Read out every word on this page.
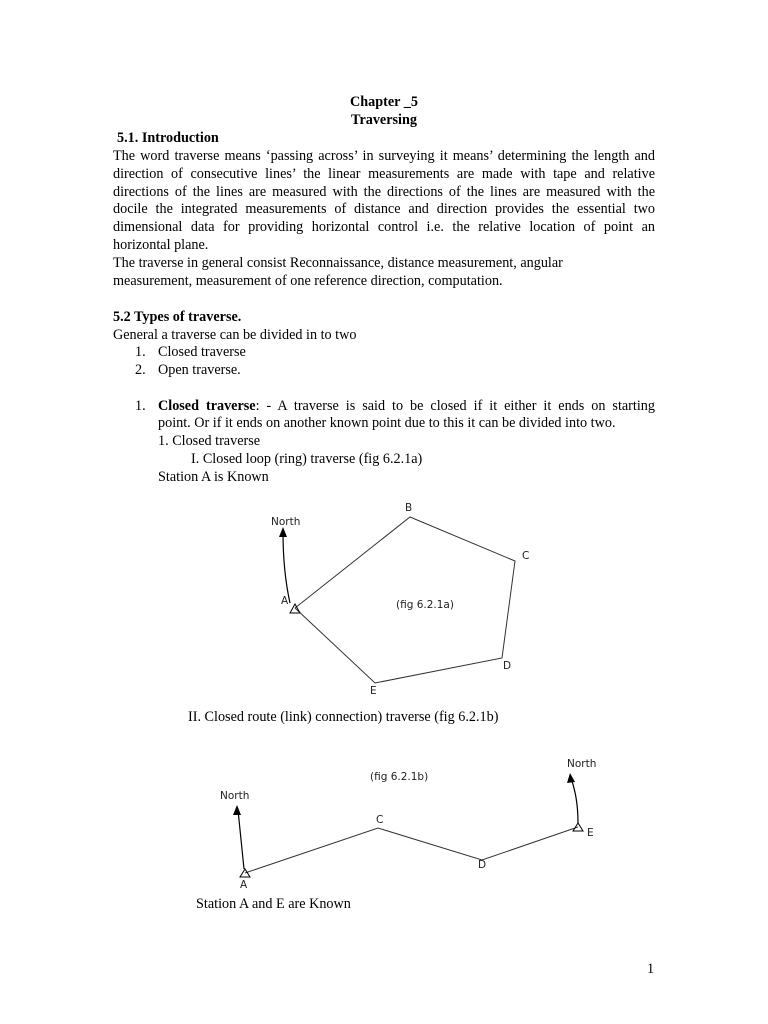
Chapter _5
Traversing
5.1. Introduction
The word traverse means ‘passing across’ in surveying it means’ determining the length and direction of consecutive lines’ the linear measurements are made with tape and relative directions of the lines are measured with the directions of the lines are measured with the docile the integrated measurements of distance and direction provides the essential two dimensional data for providing horizontal control i.e. the relative location of point an horizontal plane.
The traverse in general consist Reconnaissance, distance measurement, angular
measurement, measurement of one reference direction, computation.
5.2 Types of traverse.
General a traverse can be divided in to two
1. Closed traverse
2. Open traverse.
1. Closed traverse: - A traverse is said to be closed if it either it ends on starting
point. Or if it ends on another known point due to this it can be divided into two.
1. Closed traverse
I. Closed loop (ring) traverse (fig 6.2.1a)
Station A is Known
North
A
B
C
D
E
(fig 6.2.1a)
North
North
A
C
D
E
(fig 6.2.1b)
II. Closed route (link) connection) traverse (fig 6.2.1b)
Station A and E are Known
1
